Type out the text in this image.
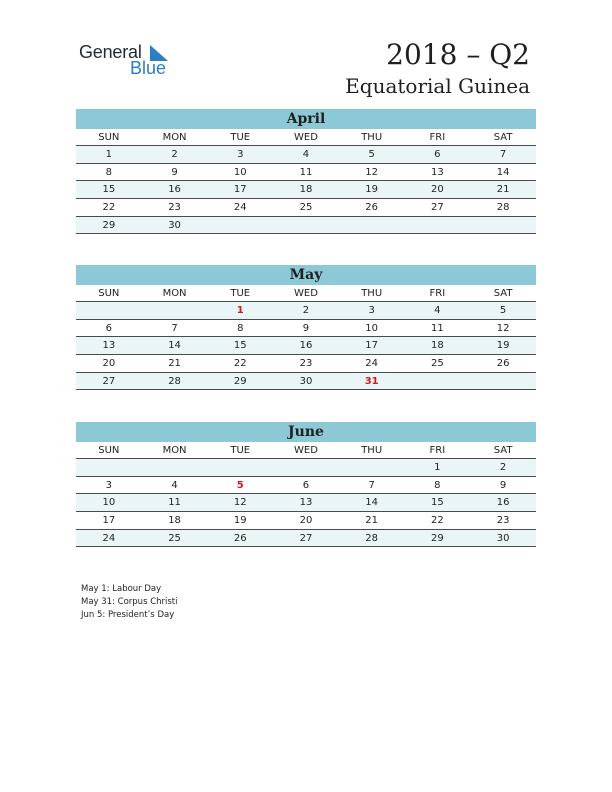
General
Blue	2018 – Q2
Equatorial Guinea
April
SUN	MON	TUE	WED	THU	FRI	SAT
1	2	3	4	5	6	7
8	9	10	11	12	13	14
15	16	17	18	19	20	21
22	23	24	25	26	27	28
29	30					
May
SUN	MON	TUE	WED	THU	FRI	SAT
		1	2	3	4	5
6	7	8	9	10	11	12
13	14	15	16	17	18	19
20	21	22	23	24	25	26
27	28	29	30	31		
June
SUN	MON	TUE	WED	THU	FRI	SAT
					1	2
3	4	5	6	7	8	9
10	11	12	13	14	15	16
17	18	19	20	21	22	23
24	25	26	27	28	29	30
May 1: Labour Day
May 31: Corpus Christi
Jun 5: President’s Day
